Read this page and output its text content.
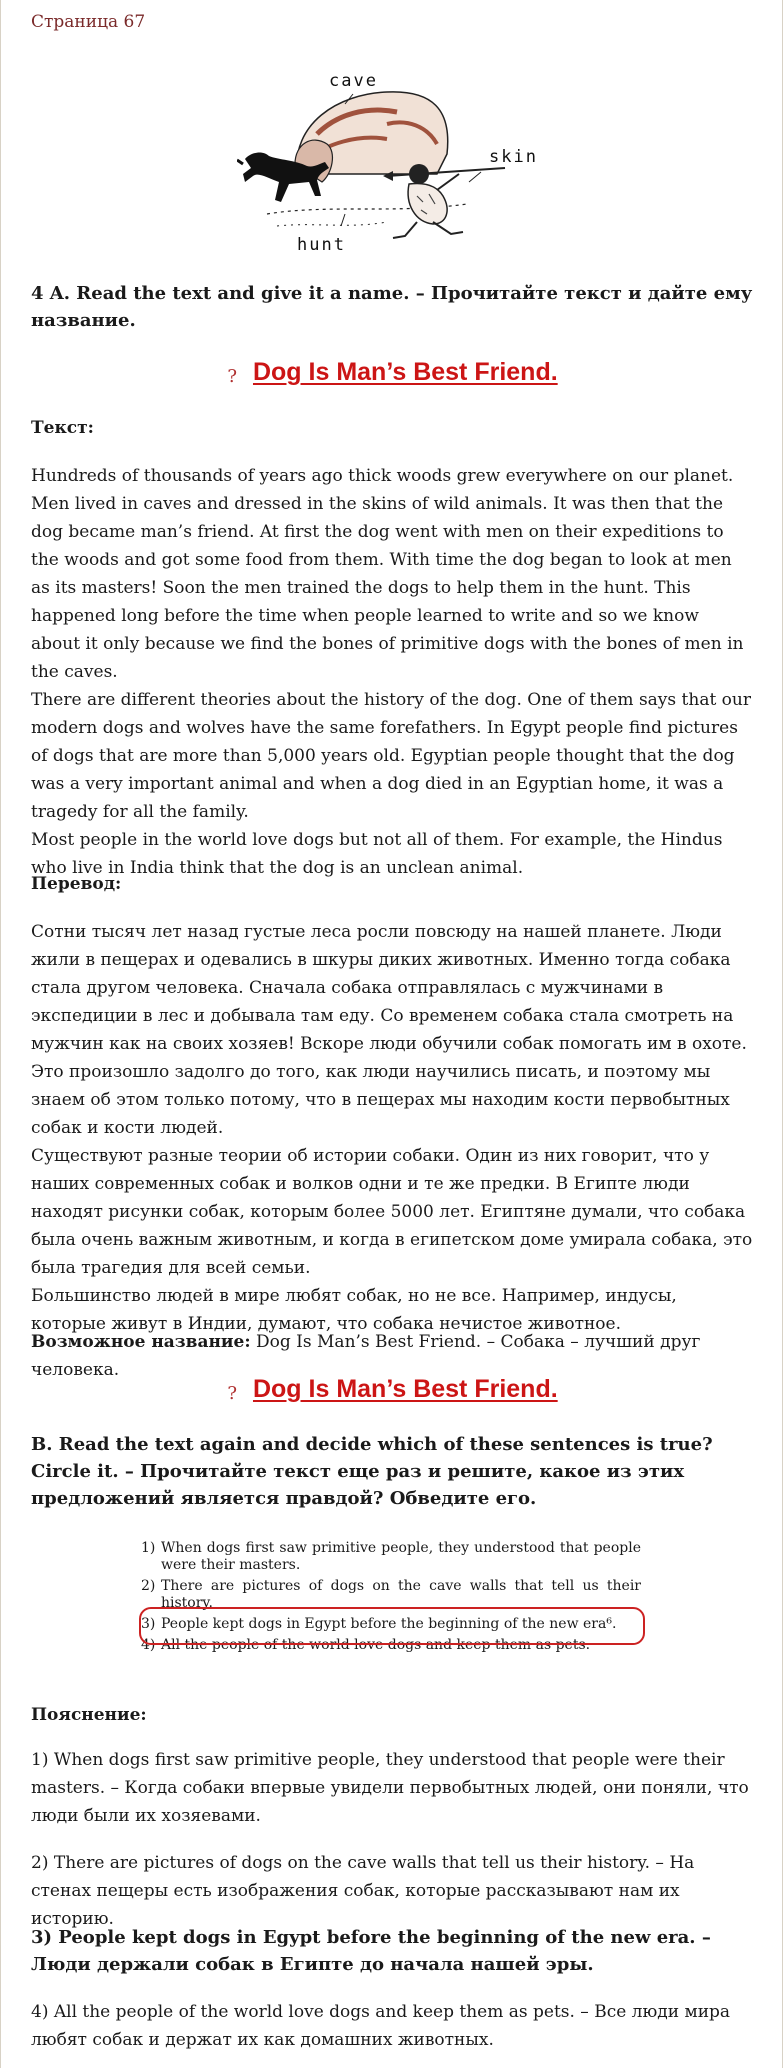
Страница 67
cave
skin
hunt

4 A. Read the text and give it a name. – Прочитайте текст и дайте ему название.

? Dog Is Man’s Best Friend.

Текст:

Hundreds of thousands of years ago thick woods grew everywhere on our planet. Men lived in caves and dressed in the skins of wild animals. It was then that the dog became man’s friend. At first the dog went with men on their expeditions to the woods and got some food from them. With time the dog began to look at men as its masters! Soon the men trained the dogs to help them in the hunt. This happened long before the time when people learned to write and so we know about it only because we find the bones of primitive dogs with the bones of men in the caves.

There are different theories about the history of the dog. One of them says that our modern dogs and wolves have the same forefathers. In Egypt people find pictures of dogs that are more than 5,000 years old. Egyptian people thought that the dog was a very important animal and when a dog died in an Egyptian home, it was a tragedy for all the family.

Most people in the world love dogs but not all of them. For example, the Hindus who live in India think that the dog is an unclean animal.

Перевод:

Сотни тысяч лет назад густые леса росли повсюду на нашей планете. Люди жили в пещерах и одевались в шкуры диких животных. Именно тогда собака стала другом человека. Сначала собака отправлялась с мужчинами в экспедиции в лес и добывала там еду. Со временем собака стала смотреть на мужчин как на своих хозяев! Вскоре люди обучили собак помогать им в охоте. Это произошло задолго до того, как люди научились писать, и поэтому мы знаем об этом только потому, что в пещерах мы находим кости первобытных собак и кости людей.

Существуют разные теории об истории собаки. Один из них говорит, что у наших современных собак и волков одни и те же предки. В Египте люди находят рисунки собак, которым более 5000 лет. Египтяне думали, что собака была очень важным животным, и когда в египетском доме умирала собака, это была трагедия для всей семьи.

Большинство людей в мире любят собак, но не все. Например, индусы, которые живут в Индии, думают, что собака нечистое животное.

Возможное название: Dog Is Man’s Best Friend. – Собака – лучший друг человека.

? Dog Is Man’s Best Friend.

B. Read the text again and decide which of these sentences is true? Circle it. – Прочитайте текст еще раз и решите, какое из этих предложений является правдой? Обведите его.

1) When dogs first saw primitive people, they understood that people were their masters.
2) There are pictures of dogs on the cave walls that tell us their history.
3) People kept dogs in Egypt before the beginning of the new era⁶.
4) All the people of the world love dogs and keep them as pets.

Пояснение:

1) When dogs first saw primitive people, they understood that people were their masters. – Когда собаки впервые увидели первобытных людей, они поняли, что люди были их хозяевами.

2) There are pictures of dogs on the cave walls that tell us their history. – На стенах пещеры есть изображения собак, которые рассказывают нам их историю.

3) People kept dogs in Egypt before the beginning of the new era. – Люди держали собак в Египте до начала нашей эры.

4) All the people of the world love dogs and keep them as pets. – Все люди мира любят собак и держат их как домашних животных.
